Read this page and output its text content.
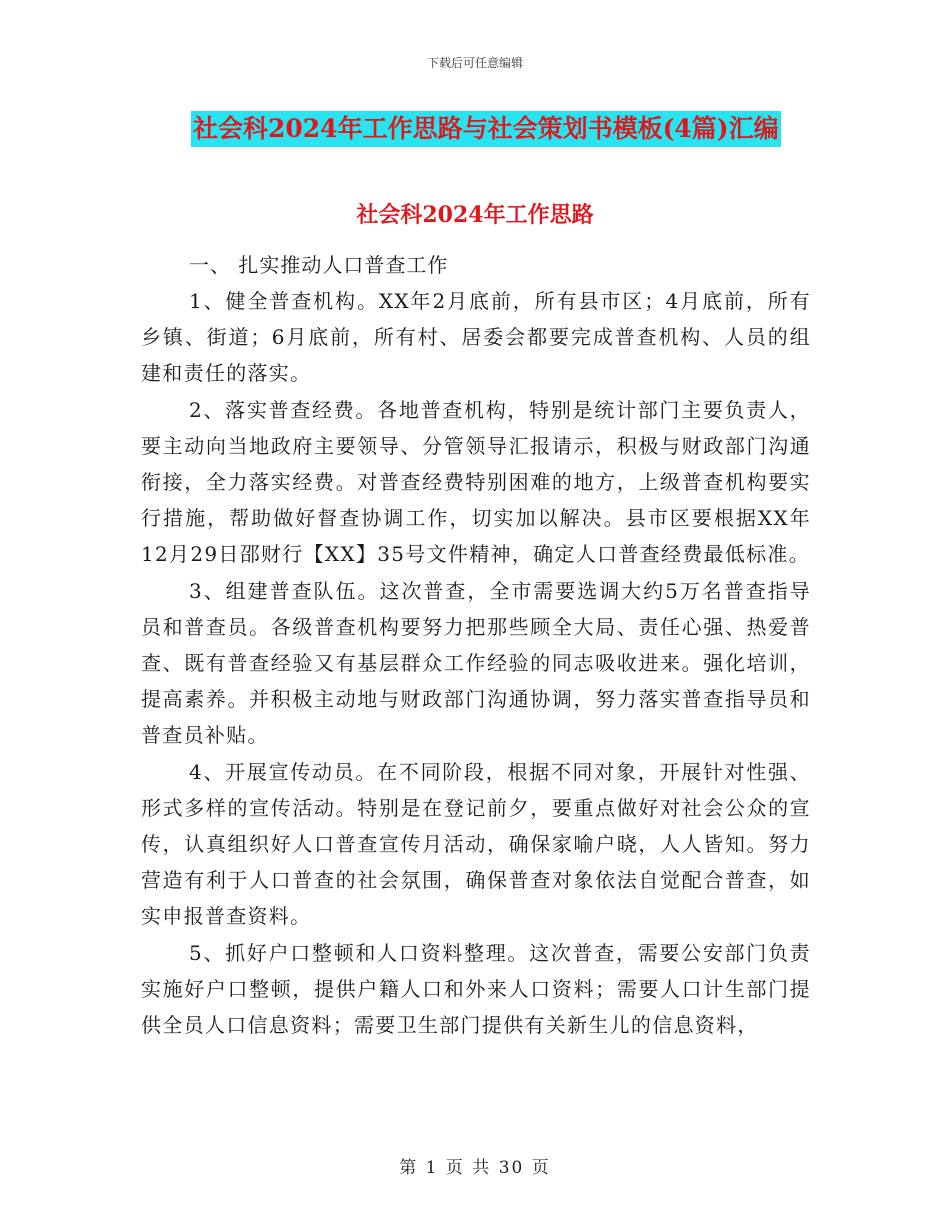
下载后可任意编辑
社会科2024年工作思路与社会策划书模板(4篇)汇编
社会科2024年工作思路
一、 扎实推动人口普查工作

1、健全普查机构。XX年2月底前，所有县市区；4月底前，所有乡镇、街道；6月底前，所有村、居委会都要完成普查机构、人员的组建和责任的落实。

2、落实普查经费。各地普查机构，特别是统计部门主要负责人，要主动向当地政府主要领导、分管领导汇报请示，积极与财政部门沟通衔接，全力落实经费。对普查经费特别困难的地方，上级普查机构要实行措施，帮助做好督查协调工作，切实加以解决。县市区要根据XX年12月29日邵财行【XX】35号文件精神，确定人口普查经费最低标准。

3、组建普查队伍。这次普查，全市需要选调大约5万名普查指导员和普查员。各级普查机构要努力把那些顾全大局、责任心强、热爱普查、既有普查经验又有基层群众工作经验的同志吸收进来。强化培训，提高素养。并积极主动地与财政部门沟通协调，努力落实普查指导员和普查员补贴。

4、开展宣传动员。在不同阶段，根据不同对象，开展针对性强、形式多样的宣传活动。特别是在登记前夕，要重点做好对社会公众的宣传，认真组织好人口普查宣传月活动，确保家喻户晓，人人皆知。努力营造有利于人口普查的社会氛围，确保普查对象依法自觉配合普查，如实申报普查资料。

5、抓好户口整顿和人口资料整理。这次普查，需要公安部门负责实施好户口整顿，提供户籍人口和外来人口资料；需要人口计生部门提供全员人口信息资料；需要卫生部门提供有关新生儿的信息资料，

第 1 页 共 30 页
